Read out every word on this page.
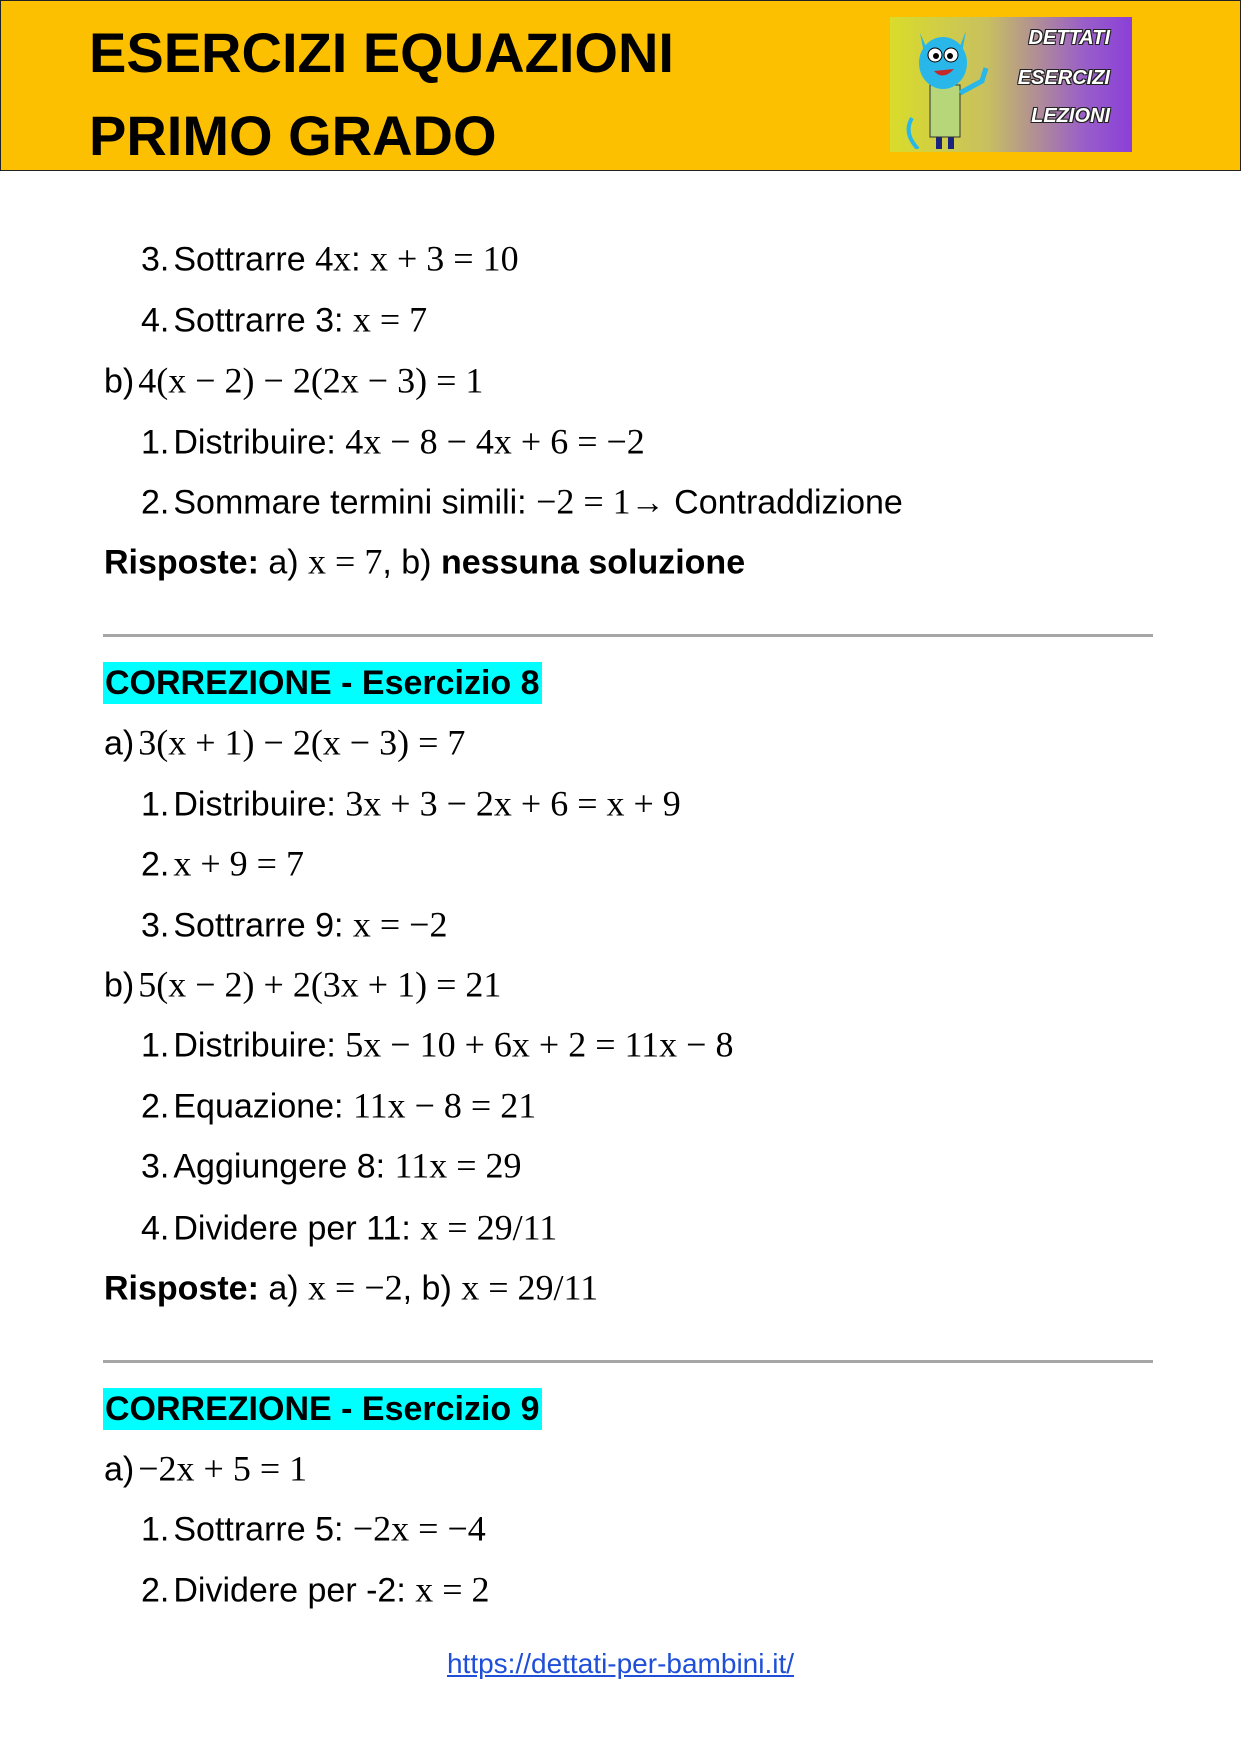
ESERCIZI EQUAZIONI
PRIMO GRADO
DETTATI
ESERCIZI
LEZIONI
3. Sottrarre 4x: x + 3 = 10
4. Sottrarre 3: x = 7
b) 4(x − 2) − 2(2x − 3) = 1
1. Distribuire: 4x − 8 − 4x + 6 = −2
2. Sommare termini simili: −2 = 1→ Contraddizione
a) 3(x + 1) − 2(x − 3) = 7
1. Distribuire: 3x + 3 − 2x + 6 = x + 9
2. x + 9 = 7
3. Sottrarre 9: x = −2
b) 5(x − 2) + 2(3x + 1) = 21
1. Distribuire: 5x − 10 + 6x + 2 = 11x − 8
2. Equazione: 11x − 8 = 21
3. Aggiungere 8: 11x = 29
4. Dividere per 11: x = 29/11
a) −2x + 5 = 1
1. Sottrarre 5: −2x = −4
2. Dividere per -2: x = 2
Risposte: a) x = 7, b) nessuna soluzione
CORREZIONE - Esercizio 8
Risposte: a) x = −2, b) x = 29/11
CORREZIONE - Esercizio 9
https://dettati-per-bambini.it/
